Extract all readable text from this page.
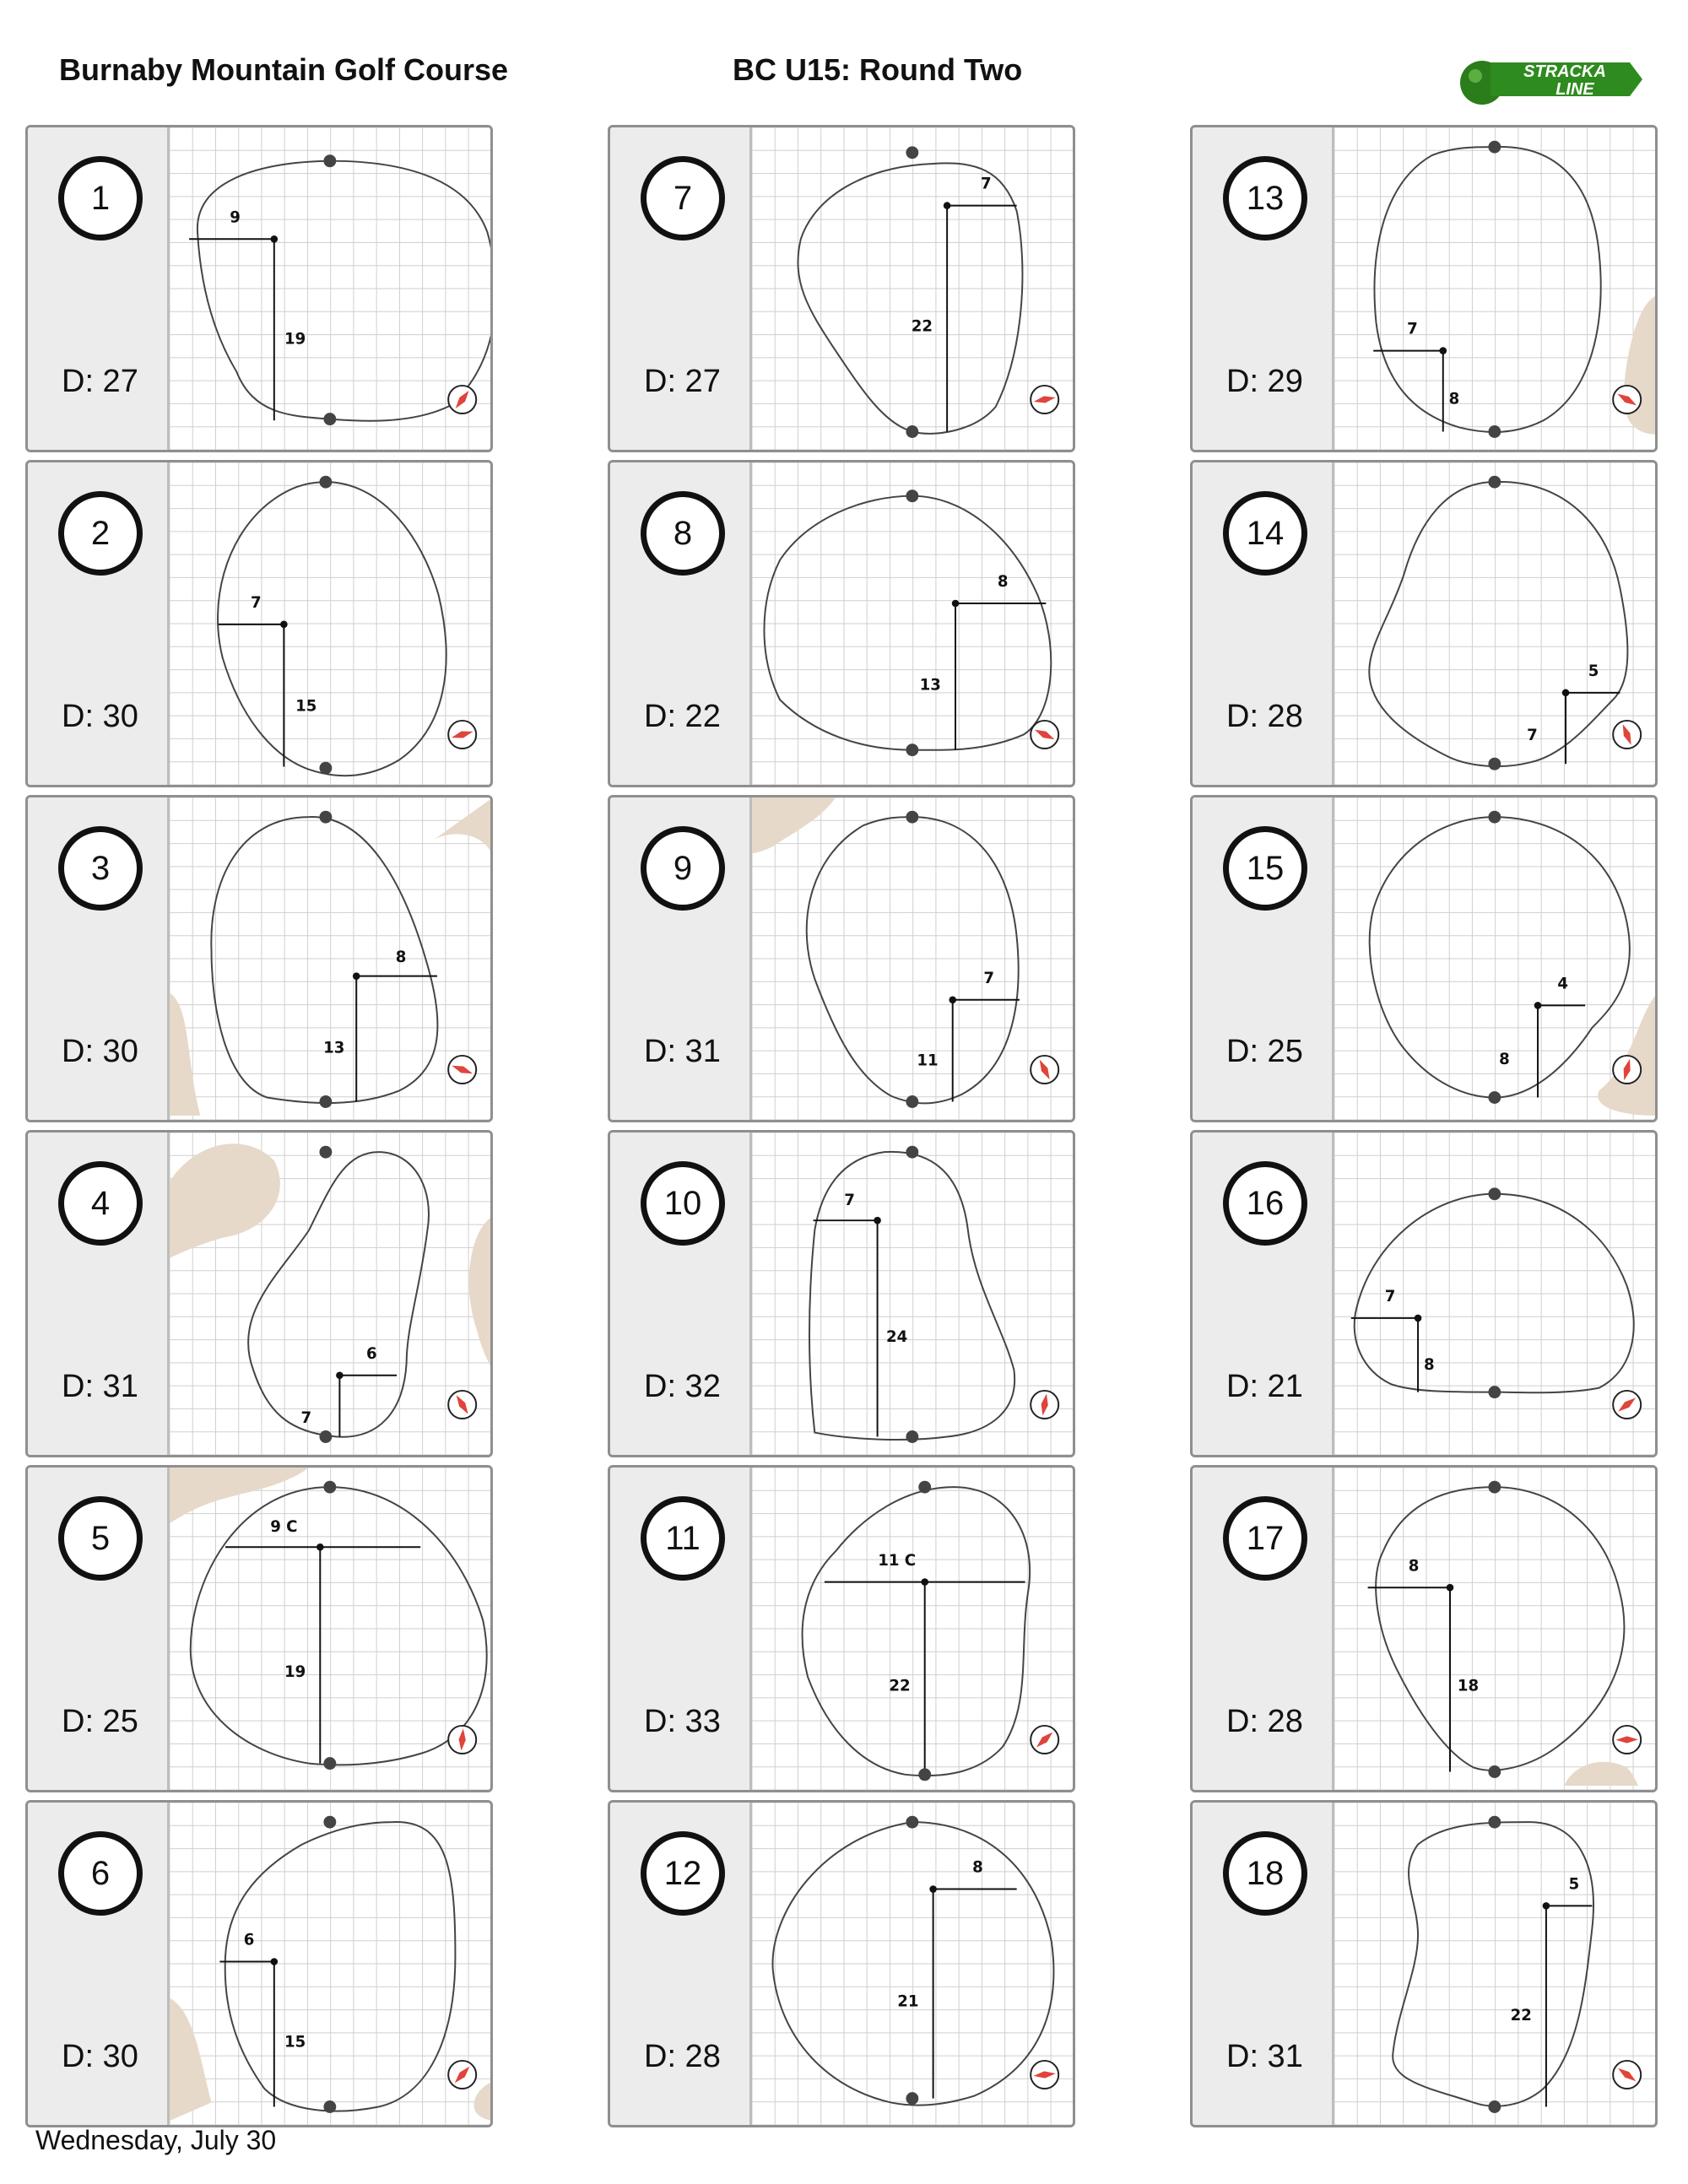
Burnaby Mountain Golf Course	BC U15: Round Two	STRACKA
LINE
1
D: 27
9
19
2
D: 30
7
15
3
D: 30
8
13
4
D: 31
6
7
5
D: 25
9 C
19
6
D: 30
6
15
7
D: 27
7
22
8
D: 22
8
13
9
D: 31
7
11
10
D: 32
7
24
11
D: 33
11 C
22
12
D: 28
8
21
13
D: 29
7
8
14
D: 28
5
7
15
D: 25
4
8
16
D: 21
7
8
17
D: 28
8
18
18
D: 31
5
22
Wednesday, July 30
